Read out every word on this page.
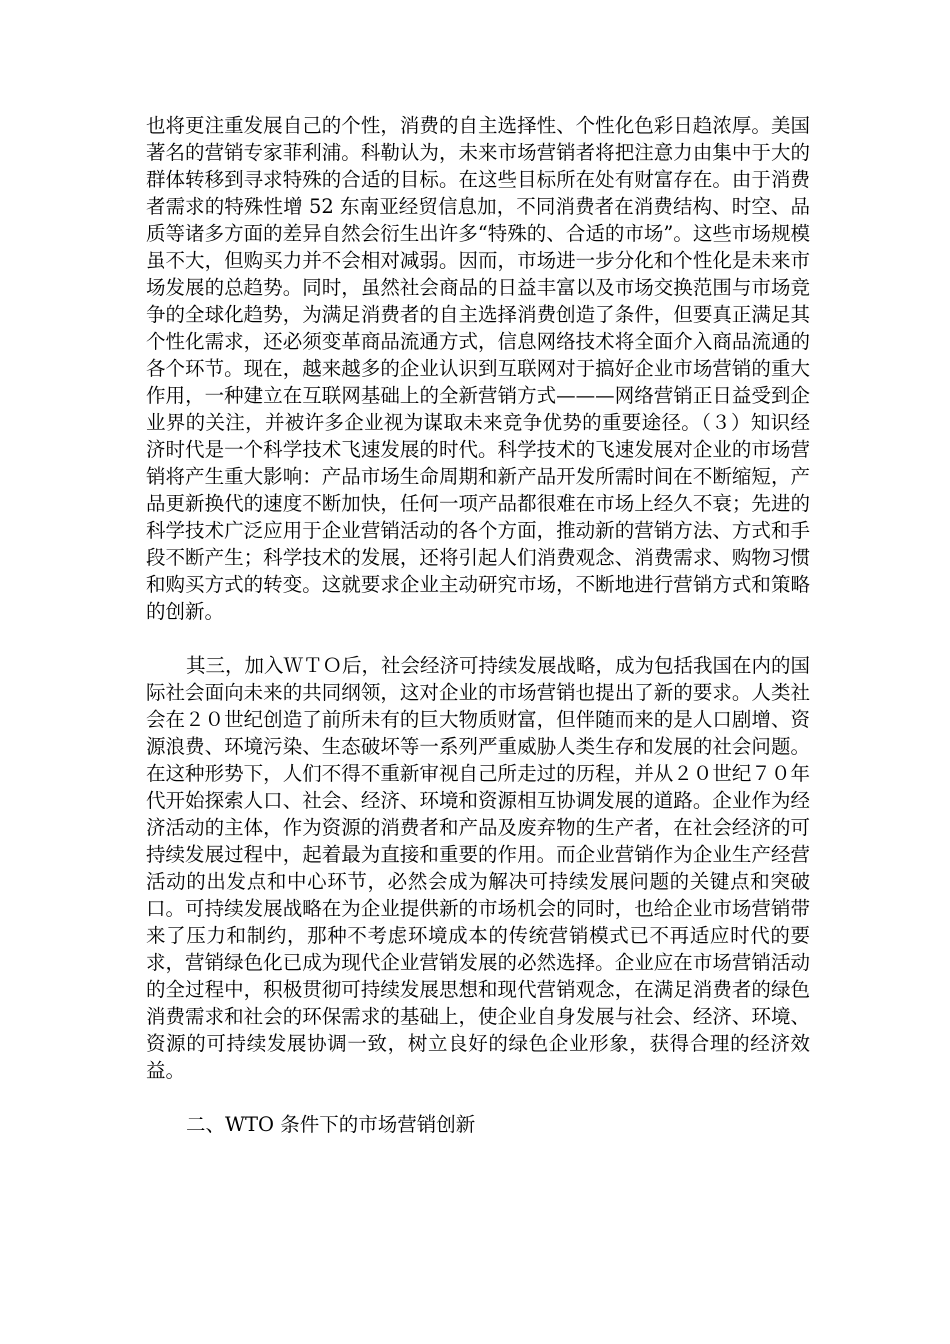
也将更注重发展自己的个性，消费的自主选择性、个性化色彩日趋浓厚。美国著名的营销专家菲利浦。科勒认为，未来市场营销者将把注意力由集中于大的群体转移到寻求特殊的合适的目标。在这些目标所在处有财富存在。由于消费者需求的特殊性增 52 东南亚经贸信息加，不同消费者在消费结构、时空、品质等诸多方面的差异自然会衍生出许多“特殊的、合适的市场”。这些市场规模虽不大，但购买力并不会相对减弱。因而，市场进一步分化和个性化是未来市场发展的总趋势。同时，虽然社会商品的日益丰富以及市场交换范围与市场竞争的全球化趋势，为满足消费者的自主选择消费创造了条件，但要真正满足其个性化需求，还必须变革商品流通方式，信息网络技术将全面介入商品流通的各个环节。现在，越来越多的企业认识到互联网对于搞好企业市场营销的重大作用，一种建立在互联网基础上的全新营销方式———网络营销正日益受到企业界的关注，并被许多企业视为谋取未来竞争优势的重要途径。（３）知识经济时代是一个科学技术飞速发展的时代。科学技术的飞速发展对企业的市场营销将产生重大影响：产品市场生命周期和新产品开发所需时间在不断缩短，产品更新换代的速度不断加快，任何一项产品都很难在市场上经久不衰；先进的科学技术广泛应用于企业营销活动的各个方面，推动新的营销方法、方式和手段不断产生；科学技术的发展，还将引起人们消费观念、消费需求、购物习惯和购买方式的转变。这就要求企业主动研究市场，不断地进行营销方式和策略的创新。

其三，加入ＷＴＯ后，社会经济可持续发展战略，成为包括我国在内的国际社会面向未来的共同纲领，这对企业的市场营销也提出了新的要求。人类社会在２０世纪创造了前所未有的巨大物质财富，但伴随而来的是人口剧增、资源浪费、环境污染、生态破坏等一系列严重威胁人类生存和发展的社会问题。在这种形势下，人们不得不重新审视自己所走过的历程，并从２０世纪７０年代开始探索人口、社会、经济、环境和资源相互协调发展的道路。企业作为经济活动的主体，作为资源的消费者和产品及废弃物的生产者，在社会经济的可持续发展过程中，起着最为直接和重要的作用。而企业营销作为企业生产经营活动的出发点和中心环节，必然会成为解决可持续发展问题的关键点和突破口。可持续发展战略在为企业提供新的市场机会的同时，也给企业市场营销带来了压力和制约，那种不考虑环境成本的传统营销模式已不再适应时代的要求，营销绿色化已成为现代企业营销发展的必然选择。企业应在市场营销活动的全过程中，积极贯彻可持续发展思想和现代营销观念，在满足消费者的绿色消费需求和社会的环保需求的基础上，使企业自身发展与社会、经济、环境、资源的可持续发展协调一致，树立良好的绿色企业形象，获得合理的经济效益。

二、WTO 条件下的市场营销创新
